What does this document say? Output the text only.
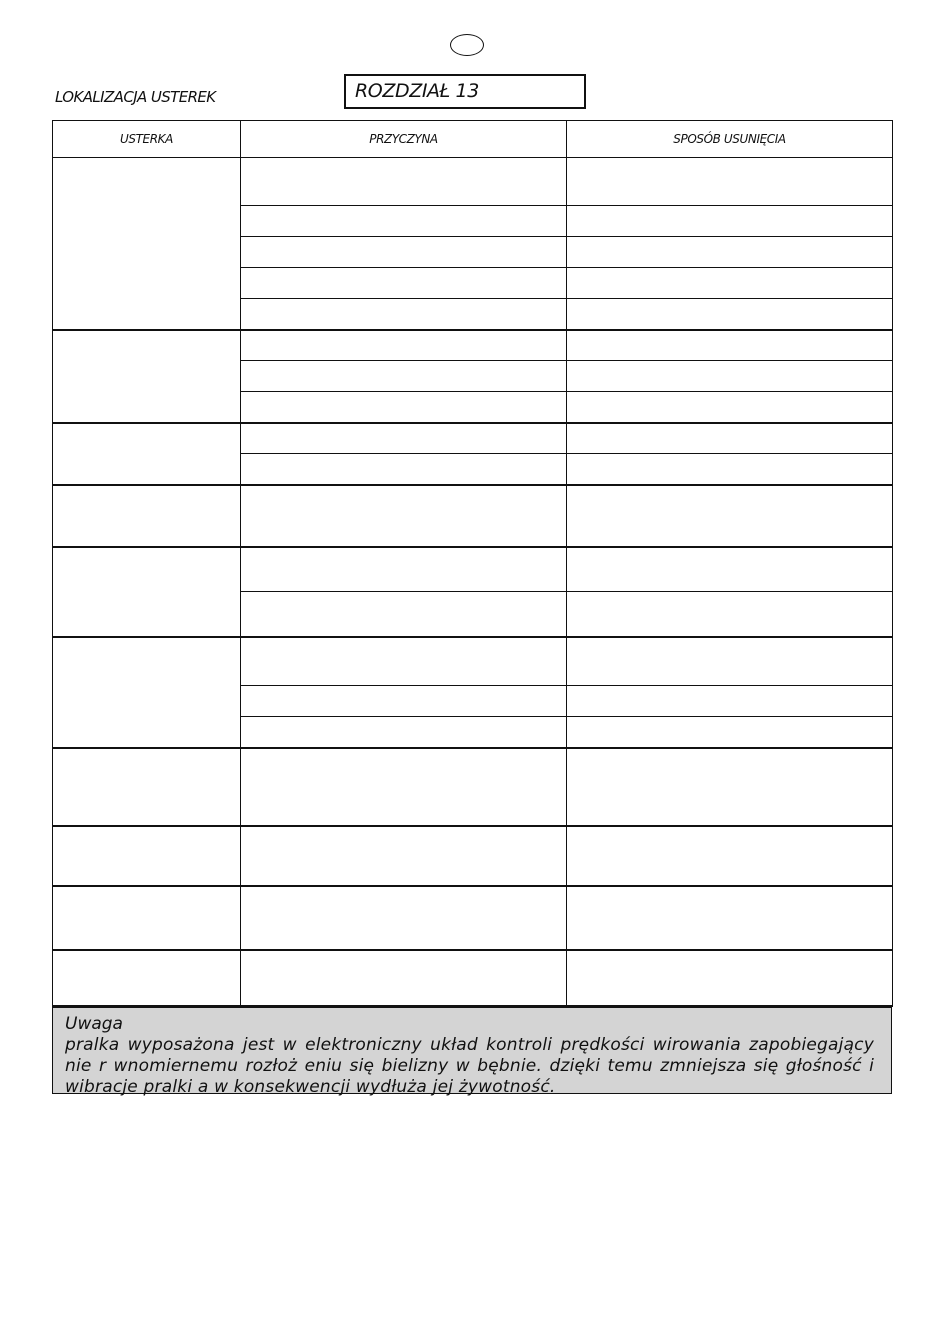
LOKALIZACJA USTEREK	ROZDZIAŁ 13
USTERKA	PRZYCZYNA	SPOSÓB USUNIĘCIA

Uwaga
pralka wyposażona jest w elektroniczny układ kontroli prędkości wirowania zapobiegający nie r wnomiernemu rozłoż eniu się bielizny w bębnie. dzięki temu zmniejsza się głośność i wibracje pralki a w konsekwencji wydłuża jej żywotność.
